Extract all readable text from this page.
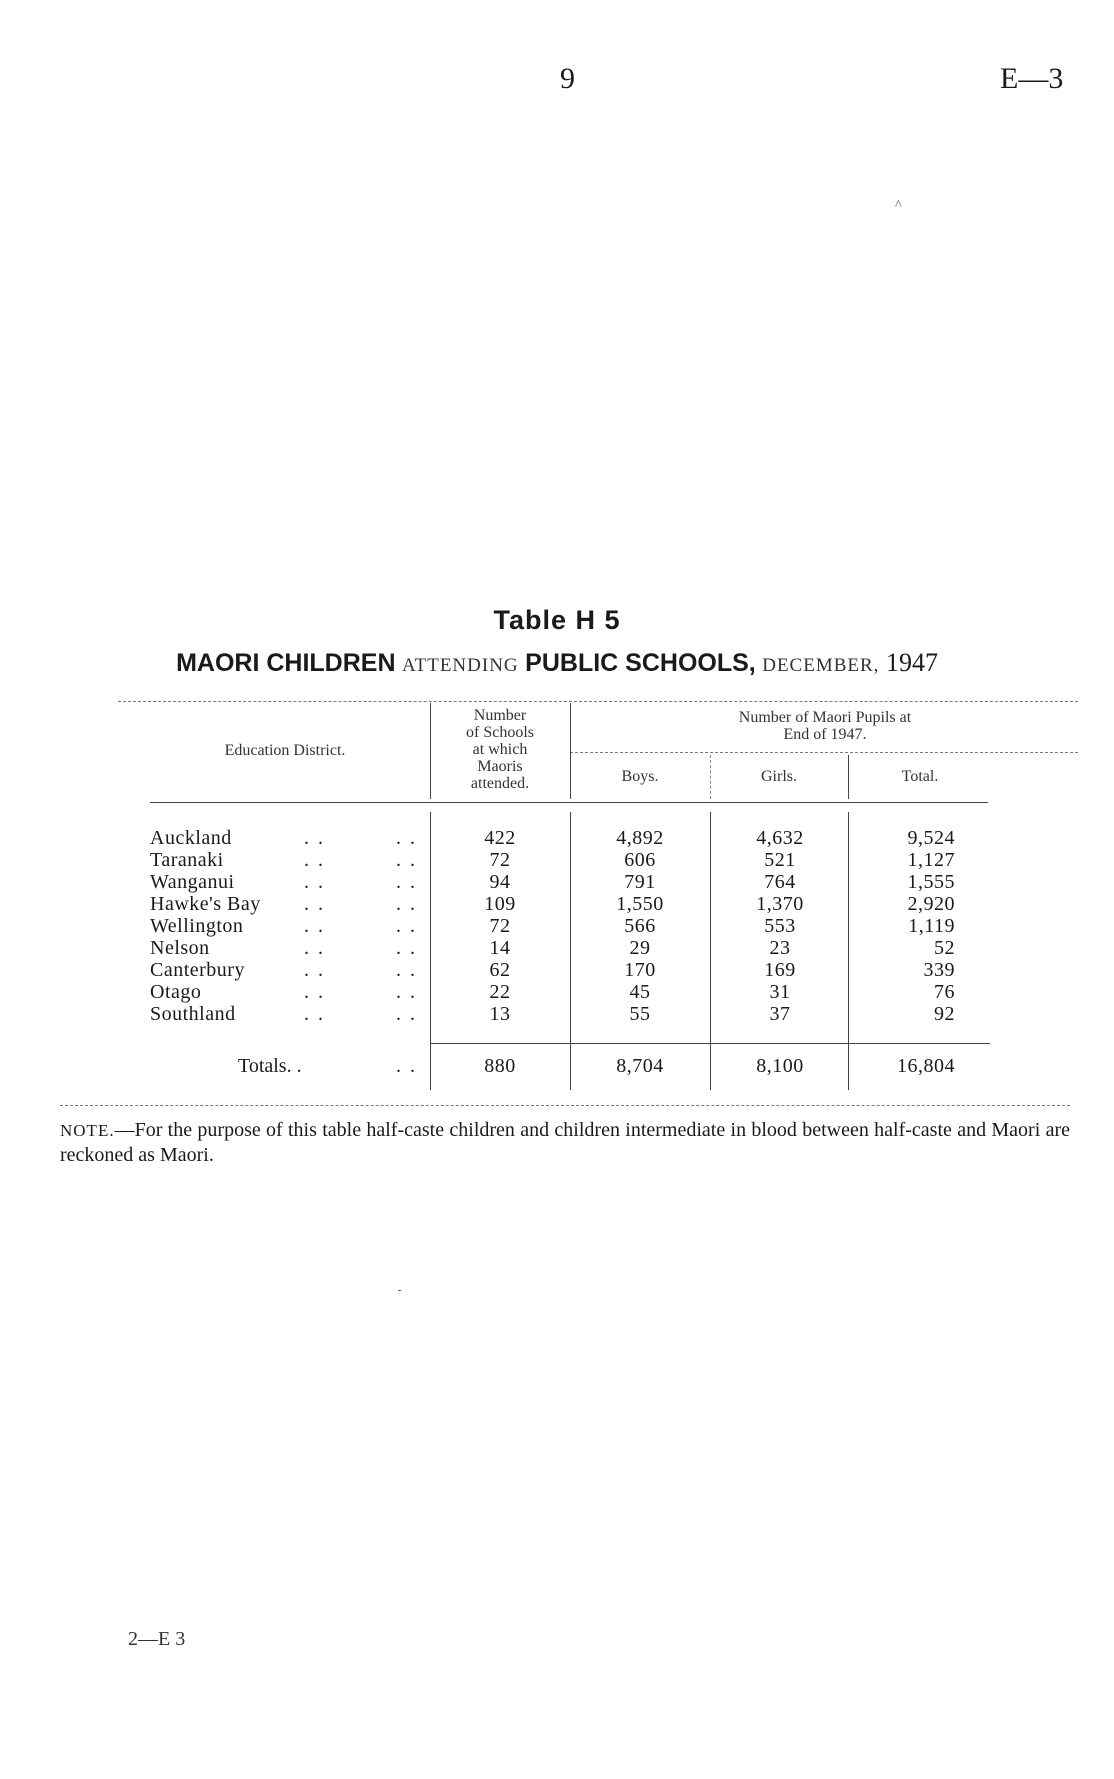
9	E—3
^
Table H 5
MAORI CHILDREN ATTENDING PUBLIC SCHOOLS, DECEMBER, 1947
Education District.
Number
of Schools
at which
Maoris
attended.
Number of Maori Pupils at
End of 1947.
Boys.	Girls.	Total.
Auckland	. .	. .	422	4,892	4,632	9,524
Taranaki	. .	. .	72	606	521	1,127
Wanganui	. .	. .	94	791	764	1,555
Hawke's Bay . .	. .	109	1,550	1,370	2,920
Wellington	. .	. .	72	566	553	1,119
Nelson	. .	. .	14	29	23	52
Canterbury	. .	. .	62	170	169	339
Otago	. .	. .	22	45	31	76
Southland	. .	. .	13	55	37	92
Totals. .	. .	880	8,704	8,100	16,804
NOTE.—For the purpose of this table half-caste children and children intermediate in blood between half-caste and Maori are reckoned as Maori.
2—E 3
